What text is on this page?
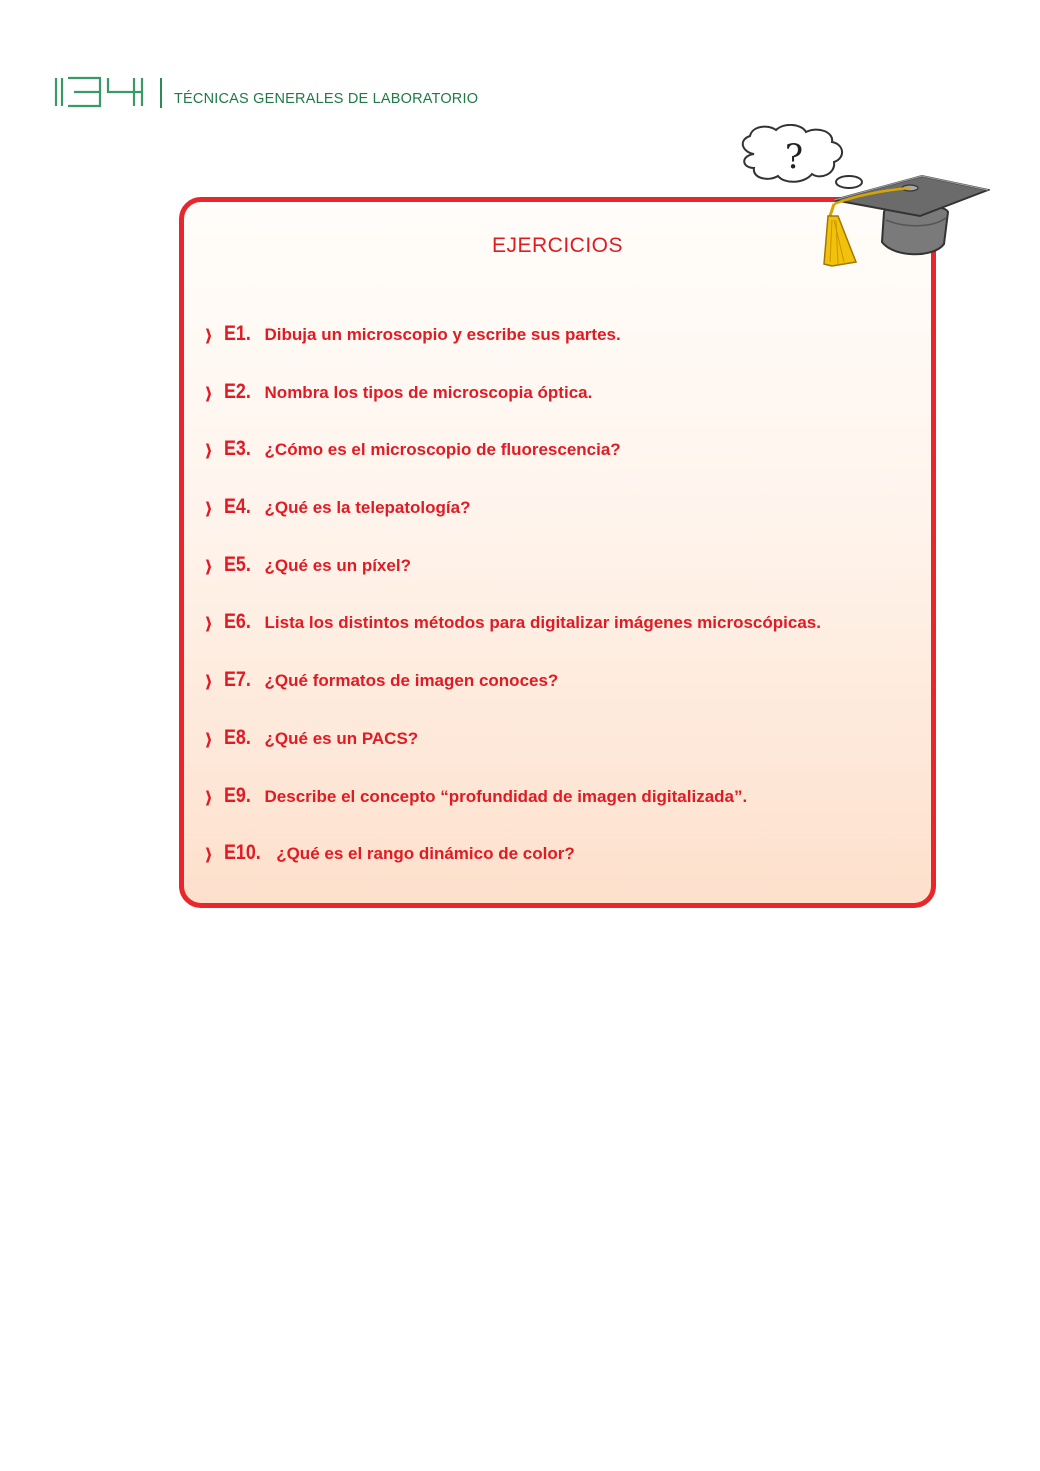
TÉCNICAS GENERALES DE LABORATORIO
EJERCICIOS
❱ E1. Dibuja un microscopio y escribe sus partes.
❱ E2. Nombra los tipos de microscopia óptica.
❱ E3. ¿Cómo es el microscopio de fluorescencia?
❱ E4. ¿Qué es la telepatología?
❱ E5. ¿Qué es un píxel?
❱ E6. Lista los distintos métodos para digitalizar imágenes microscópicas.
❱ E7. ¿Qué formatos de imagen conoces?
❱ E8. ¿Qué es un PACS?
❱ E9. Describe el concepto “profundidad de imagen digitalizada”.
❱ E10. ¿Qué es el rango dinámico de color?
?
